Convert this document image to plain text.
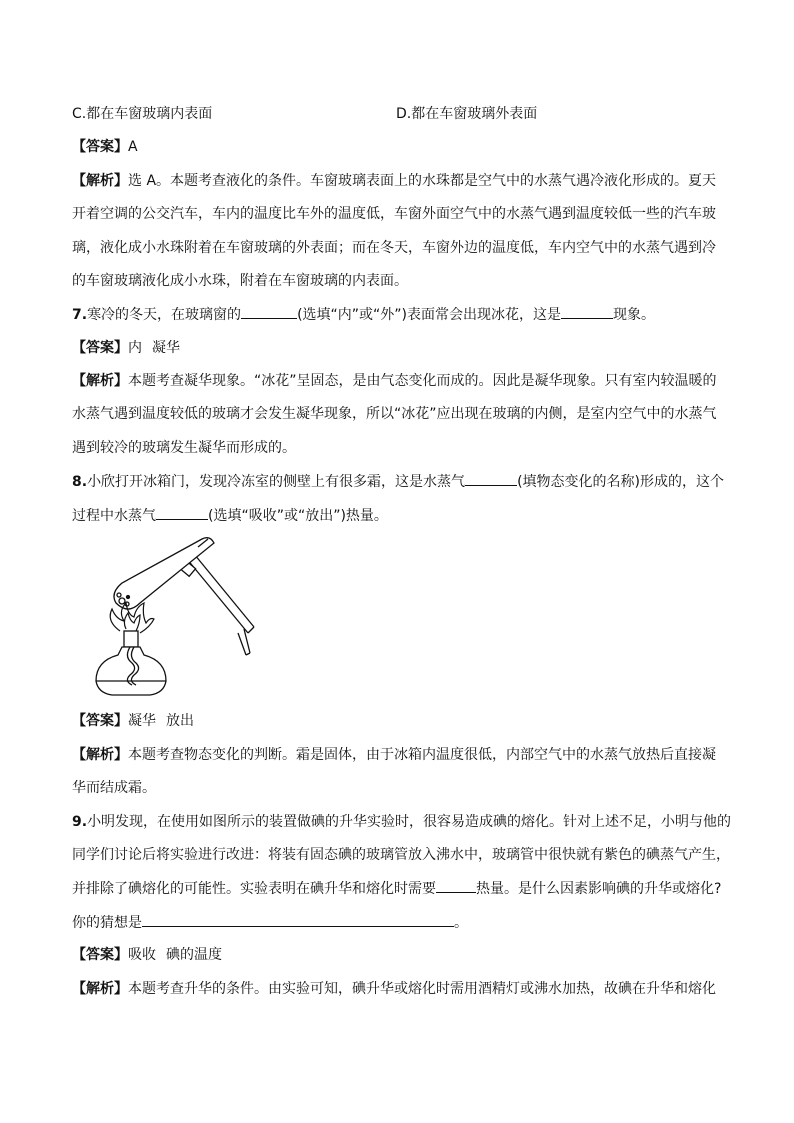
C.都在车窗玻璃内表面	D.都在车窗玻璃外表面
【答案】A
【解析】选 A。本题考查液化的条件。车窗玻璃表面上的水珠都是空气中的水蒸气遇冷液化形成的。夏天
开着空调的公交汽车，车内的温度比车外的温度低，车窗外面空气中的水蒸气遇到温度较低一些的汽车玻
璃，液化成小水珠附着在车窗玻璃的外表面；而在冬天，车窗外边的温度低，车内空气中的水蒸气遇到冷
的车窗玻璃液化成小水珠，附着在车窗玻璃的内表面。
7.寒冷的冬天，在玻璃窗的	(选填“内”或“外”)表面常会出现冰花，这是	现象。
【答案】内 凝华
【解析】本题考查凝华现象。“冰花”呈固态，是由气态变化而成的。因此是凝华现象。只有室内较温暖的
水蒸气遇到温度较低的玻璃才会发生凝华现象，所以“冰花”应出现在玻璃的内侧，是室内空气中的水蒸气
遇到较冷的玻璃发生凝华而形成的。
8.小欣打开冰箱门，发现冷冻室的侧壁上有很多霜，这是水蒸气	(填物态变化的名称)形成的，这个
过程中水蒸气	(选填“吸收”或“放出”)热量。
【答案】凝华 放出
【解析】本题考查物态变化的判断。霜是固体，由于冰箱内温度很低，内部空气中的水蒸气放热后直接凝
华而结成霜。
9.小明发现，在使用如图所示的装置做碘的升华实验时，很容易造成碘的熔化。针对上述不足，小明与他的
同学们讨论后将实验进行改进：将装有固态碘的玻璃管放入沸水中，玻璃管中很快就有紫色的碘蒸气产生，
并排除了碘熔化的可能性。实验表明在碘升华和熔化时需要	热量。是什么因素影响碘的升华或熔化?
你的猜想是	。
【答案】吸收 碘的温度
【解析】本题考查升华的条件。由实验可知，碘升华或熔化时需用酒精灯或沸水加热，故碘在升华和熔化
